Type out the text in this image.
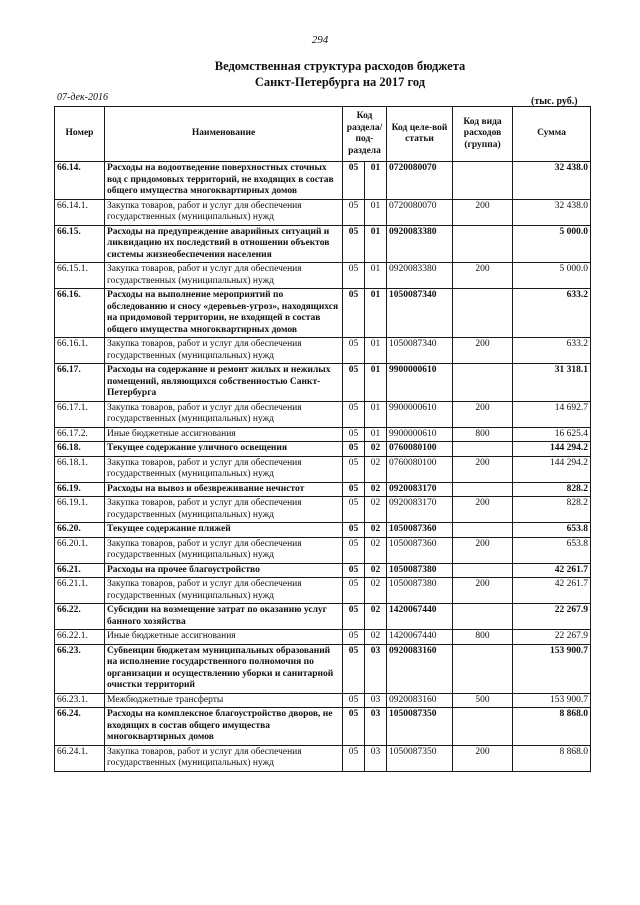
294
Ведомственная структура расходов бюджета
Санкт-Петербурга на 2017 год
07-дек-2016	(тыс. руб.)
Номер	Наименование	Код раздела/ под-раздела		Код целе-вой статьи	Код вида расходов (группа)	Сумма
66.14.	Расходы на водоотведение поверхностных сточных вод с придомовых территорий, не входящих в состав общего имущества многоквартирных домов	05	01	0720080070		32 438.0
66.14.1.	Закупка товаров, работ и услуг для обеспечения государственных (муниципальных) нужд	05	01	0720080070	200	32 438.0
66.15.	Расходы на предупреждение аварийных ситуаций и ликвидацию их последствий в отношении объектов системы жизнеобеспечения населения	05	01	0920083380		5 000.0
66.15.1.	Закупка товаров, работ и услуг для обеспечения государственных (муниципальных) нужд	05	01	0920083380	200	5 000.0
66.16.	Расходы на выполнение мероприятий по обследованию и сносу «деревьев-угроз», находящихся на придомовой территории, не входящей в состав общего имущества многоквартирных домов	05	01	1050087340		633.2
66.16.1.	Закупка товаров, работ и услуг для обеспечения государственных (муниципальных) нужд	05	01	1050087340	200	633.2
66.17.	Расходы на содержание и ремонт жилых и нежилых помещений, являющихся собственностью Санкт-Петербурга	05	01	9900000610		31 318.1
66.17.1.	Закупка товаров, работ и услуг для обеспечения государственных (муниципальных) нужд	05	01	9900000610	200	14 692.7
66.17.2.	Иные бюджетные ассигнования	05	01	9900000610	800	16 625.4
66.18.	Текущее содержание уличного освещения	05	02	0760080100		144 294.2
66.18.1.	Закупка товаров, работ и услуг для обеспечения государственных (муниципальных) нужд	05	02	0760080100	200	144 294.2
66.19.	Расходы на вывоз и обезвреживание нечистот	05	02	0920083170		828.2
66.19.1.	Закупка товаров, работ и услуг для обеспечения государственных (муниципальных) нужд	05	02	0920083170	200	828.2
66.20.	Текущее содержание пляжей	05	02	1050087360		653.8
66.20.1.	Закупка товаров, работ и услуг для обеспечения государственных (муниципальных) нужд	05	02	1050087360	200	653.8
66.21.	Расходы на прочее благоустройство	05	02	1050087380		42 261.7
66.21.1.	Закупка товаров, работ и услуг для обеспечения государственных (муниципальных) нужд	05	02	1050087380	200	42 261.7
66.22.	Субсидии на возмещение затрат по оказанию услуг банного хозяйства	05	02	1420067440		22 267.9
66.22.1.	Иные бюджетные ассигнования	05	02	1420067440	800	22 267.9
66.23.	Субвенции бюджетам муниципальных образований на исполнение государственного полномочия по организации и осуществлению уборки и санитарной очистки территорий	05	03	0920083160		153 900.7
66.23.1.	Межбюджетные трансферты	05	03	0920083160	500	153 900.7
66.24.	Расходы на комплексное благоустройство дворов, не входящих в состав общего имущества многоквартирных домов	05	03	1050087350		8 868.0
66.24.1.	Закупка товаров, работ и услуг для обеспечения государственных (муниципальных) нужд	05	03	1050087350	200	8 868.0
